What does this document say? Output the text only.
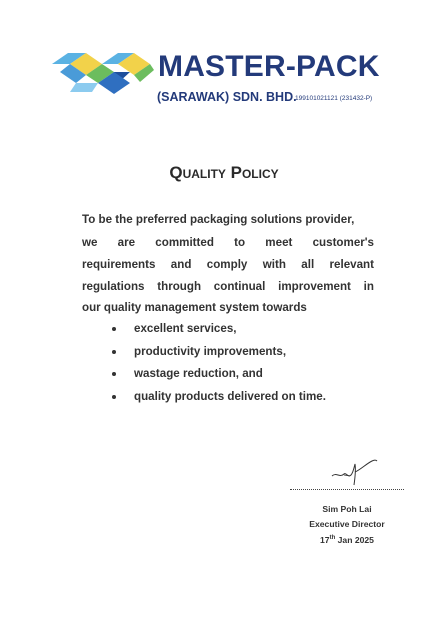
MASTER-PACK
(SARAWAK) SDN. BHD.
199101021121 (231432-P)
Quality Policy
To be the preferred packaging solutions provider,
we are committed to meet customer's
requirements and comply with all relevant
regulations through continual improvement in
our quality management system towards
excellent services,
productivity improvements,
wastage reduction, and
quality products delivered on time.
Sim Poh Lai
Executive Director
17th Jan 2025
